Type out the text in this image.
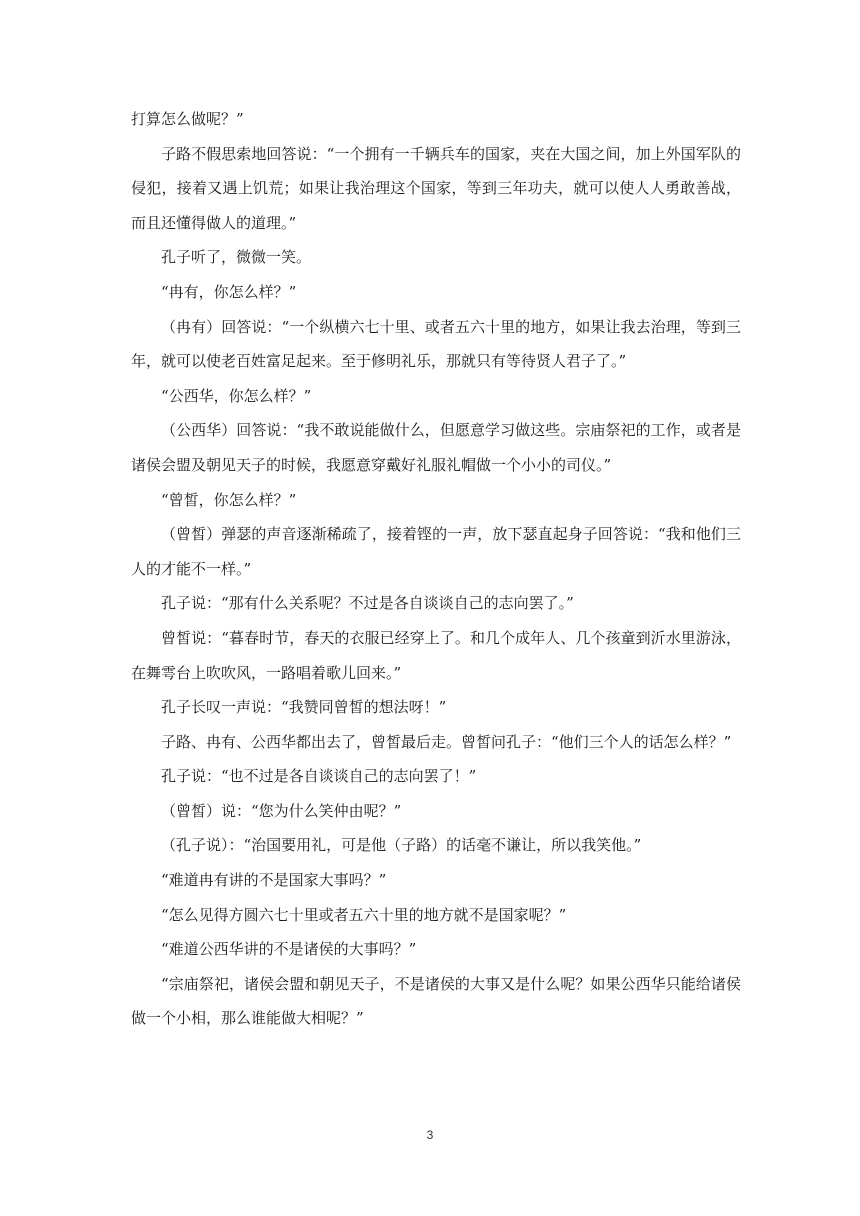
打算怎么做呢？”

子路不假思索地回答说：“一个拥有一千辆兵车的国家，夹在大国之间，加上外国军队的侵犯，接着又遇上饥荒；如果让我治理这个国家，等到三年功夫，就可以使人人勇敢善战，而且还懂得做人的道理。”

孔子听了，微微一笑。

“冉有，你怎么样？”

（冉有）回答说：“一个纵横六七十里、或者五六十里的地方，如果让我去治理，等到三年，就可以使老百姓富足起来。至于修明礼乐，那就只有等待贤人君子了。”

“公西华，你怎么样？”

（公西华）回答说：“我不敢说能做什么，但愿意学习做这些。宗庙祭祀的工作，或者是诸侯会盟及朝见天子的时候，我愿意穿戴好礼服礼帽做一个小小的司仪。”

“曾皙，你怎么样？”

（曾皙）弹瑟的声音逐渐稀疏了，接着铿的一声，放下瑟直起身子回答说：“我和他们三人的才能不一样。”

孔子说：“那有什么关系呢？不过是各自谈谈自己的志向罢了。”

曾皙说：“暮春时节，春天的衣服已经穿上了。和几个成年人、几个孩童到沂水里游泳，在舞雩台上吹吹风，一路唱着歌儿回来。”

孔子长叹一声说：“我赞同曾皙的想法呀！”

子路、冉有、公西华都出去了，曾皙最后走。曾皙问孔子：“他们三个人的话怎么样？”

孔子说：“也不过是各自谈谈自己的志向罢了！”

（曾皙）说：“您为什么笑仲由呢？”

（孔子说）：“治国要用礼，可是他（子路）的话毫不谦让，所以我笑他。”

“难道冉有讲的不是国家大事吗？”

“怎么见得方圆六七十里或者五六十里的地方就不是国家呢？”

“难道公西华讲的不是诸侯的大事吗？”

“宗庙祭祀，诸侯会盟和朝见天子，不是诸侯的大事又是什么呢？如果公西华只能给诸侯做一个小相，那么谁能做大相呢？”

3
